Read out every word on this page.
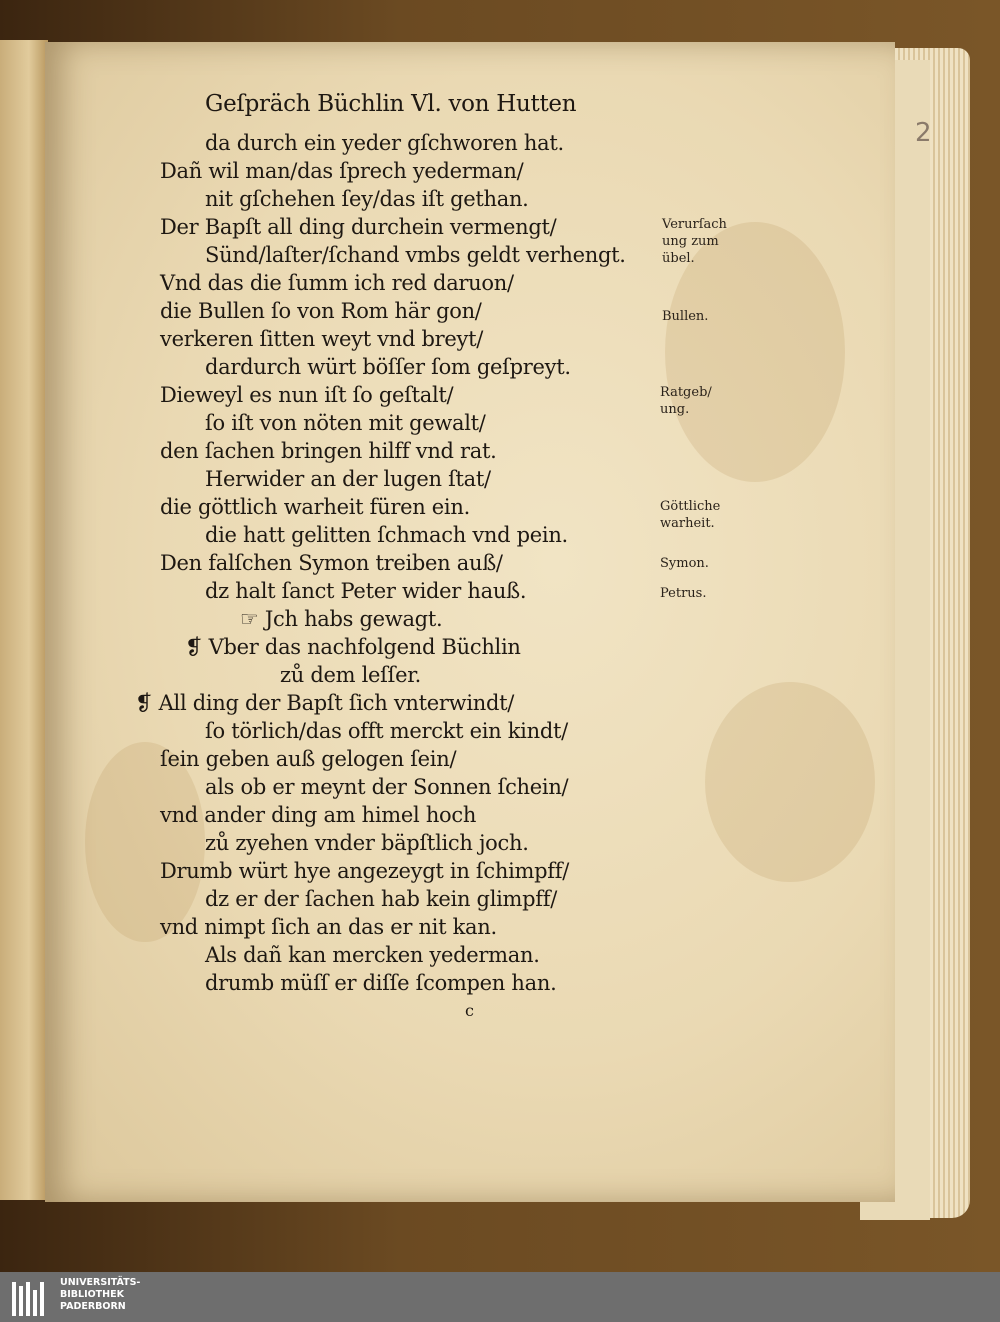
Geſpräch Büchlin Vl. von Hutten
da durch ein yeder gſchworen hat.
Dañ wil man/das ſprech yederman/
nit gſchehen ſey/das iſt gethan.
Der Bapſt all ding durchein vermengt/
Sünd/laſter/ſchand vmbs geldt verhengt.
Vnd das die ſumm ich red daruon/
die Bullen ſo von Rom här gon/
verkeren ſitten weyt vnd breyt/
dardurch würt böſſer ſom geſpreyt.
Dieweyl es nun iſt ſo geſtalt/
ſo iſt von nöten mit gewalt/
den ſachen bringen hilff vnd rat.
Herwider an der lugen ſtat/
die göttlich warheit füren ein.
die hatt gelitten ſchmach vnd pein.
Den falſchen Symon treiben auß/
dz halt ſanct Peter wider hauß.
☞ Jch habs gewagt.
❡ Vber das nachfolgend Büchlin
zů dem leſſer.
❡ All ding der Bapſt ſich vnterwindt/
ſo törlich/das offt merckt ein kindt/
ſein geben auß gelogen ſein/
als ob er meynt der Sonnen ſchein/
vnd ander ding am himel hoch
zů zyehen vnder bäpſtlich joch.
Drumb würt hye angezeygt in ſchimpff/
dz er der ſachen hab kein glimpff/
vnd nimpt ſich an das er nit kan.
Als dañ kan mercken yederman.
drumb müſſ er diſſe ſcompen han.
c
Verurſach
ung zum
übel.
Bullen.
Ratgeb/
ung.
Göttliche
warheit.
Symon.
Petrus.
2
UNIVERSITÄTS-
BIBLIOTHEK
PADERBORN
